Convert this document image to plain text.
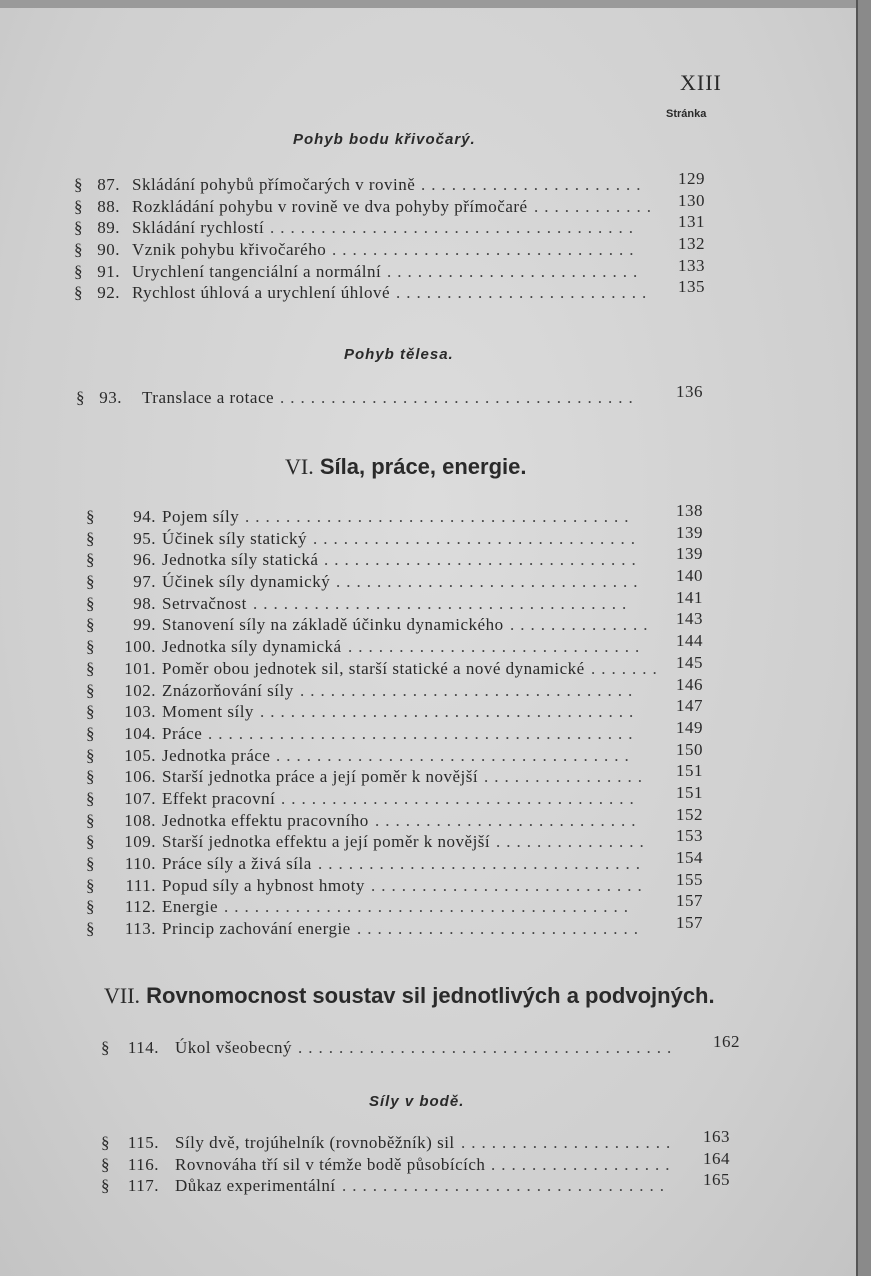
XIII
Stránka
Pohyb bodu křivočarý.
§ 87. Skládání pohybů přímočarých v rovině ......................	129
§ 88. Rozkládání pohybu v rovině ve dva pohyby přímočaré ............	130
§ 89. Skládání rychlostí ....................................	131
§ 90. Vznik pohybu křivočarého ..............................	132
§ 91. Urychlení tangenciální a normální .........................	133
§ 92. Rychlost úhlová a urychlení úhlové .........................	135
Pohyb tělesa.
§ 93. Translace a rotace ...................................	136
VI. Síla, práce, energie.
§	94. Pojem síly ......................................	138
§	95. Účinek síly statický ................................	139
§	96. Jednotka síly statická ...............................	139
§	97. Účinek síly dynamický ..............................	140
§	98. Setrvačnost .....................................	141
§	99. Stanovení síly na základě účinku dynamického ..............	143
§	100. Jednotka síly dynamická .............................	144
§	101. Poměr obou jednotek sil, starší statické a nové dynamické ....... 145
§	102. Znázorňování síly .................................	146
§	103. Moment síly .....................................	147
§	104. Práce ..........................................	149
§	105. Jednotka práce ...................................	150
§	106. Starší jednotka práce a její poměr k novější ................	151
§	107. Effekt pracovní ...................................	151
§	108. Jednotka effektu pracovního ..........................	152
§	109. Starší jednotka effektu a její poměr k novější ...............	153
§	110. Práce síly a živá síla ................................	154
§	111. Popud síly a hybnost hmoty ...........................	155
§	112. Energie ........................................	157
§	113. Princip zachování energie ............................	157
VII. Rovnomocnost soustav sil jednotlivých a podvojných.
§	114. Úkol všeobecný .....................................	162
Síly v bodě.
§	115. Síly dvě, trojúhelník (rovnoběžník) sil .....................	163
§	116. Rovnováha tří sil v témže bodě působících ..................	164
§	117. Důkaz experimentální ................................	165
